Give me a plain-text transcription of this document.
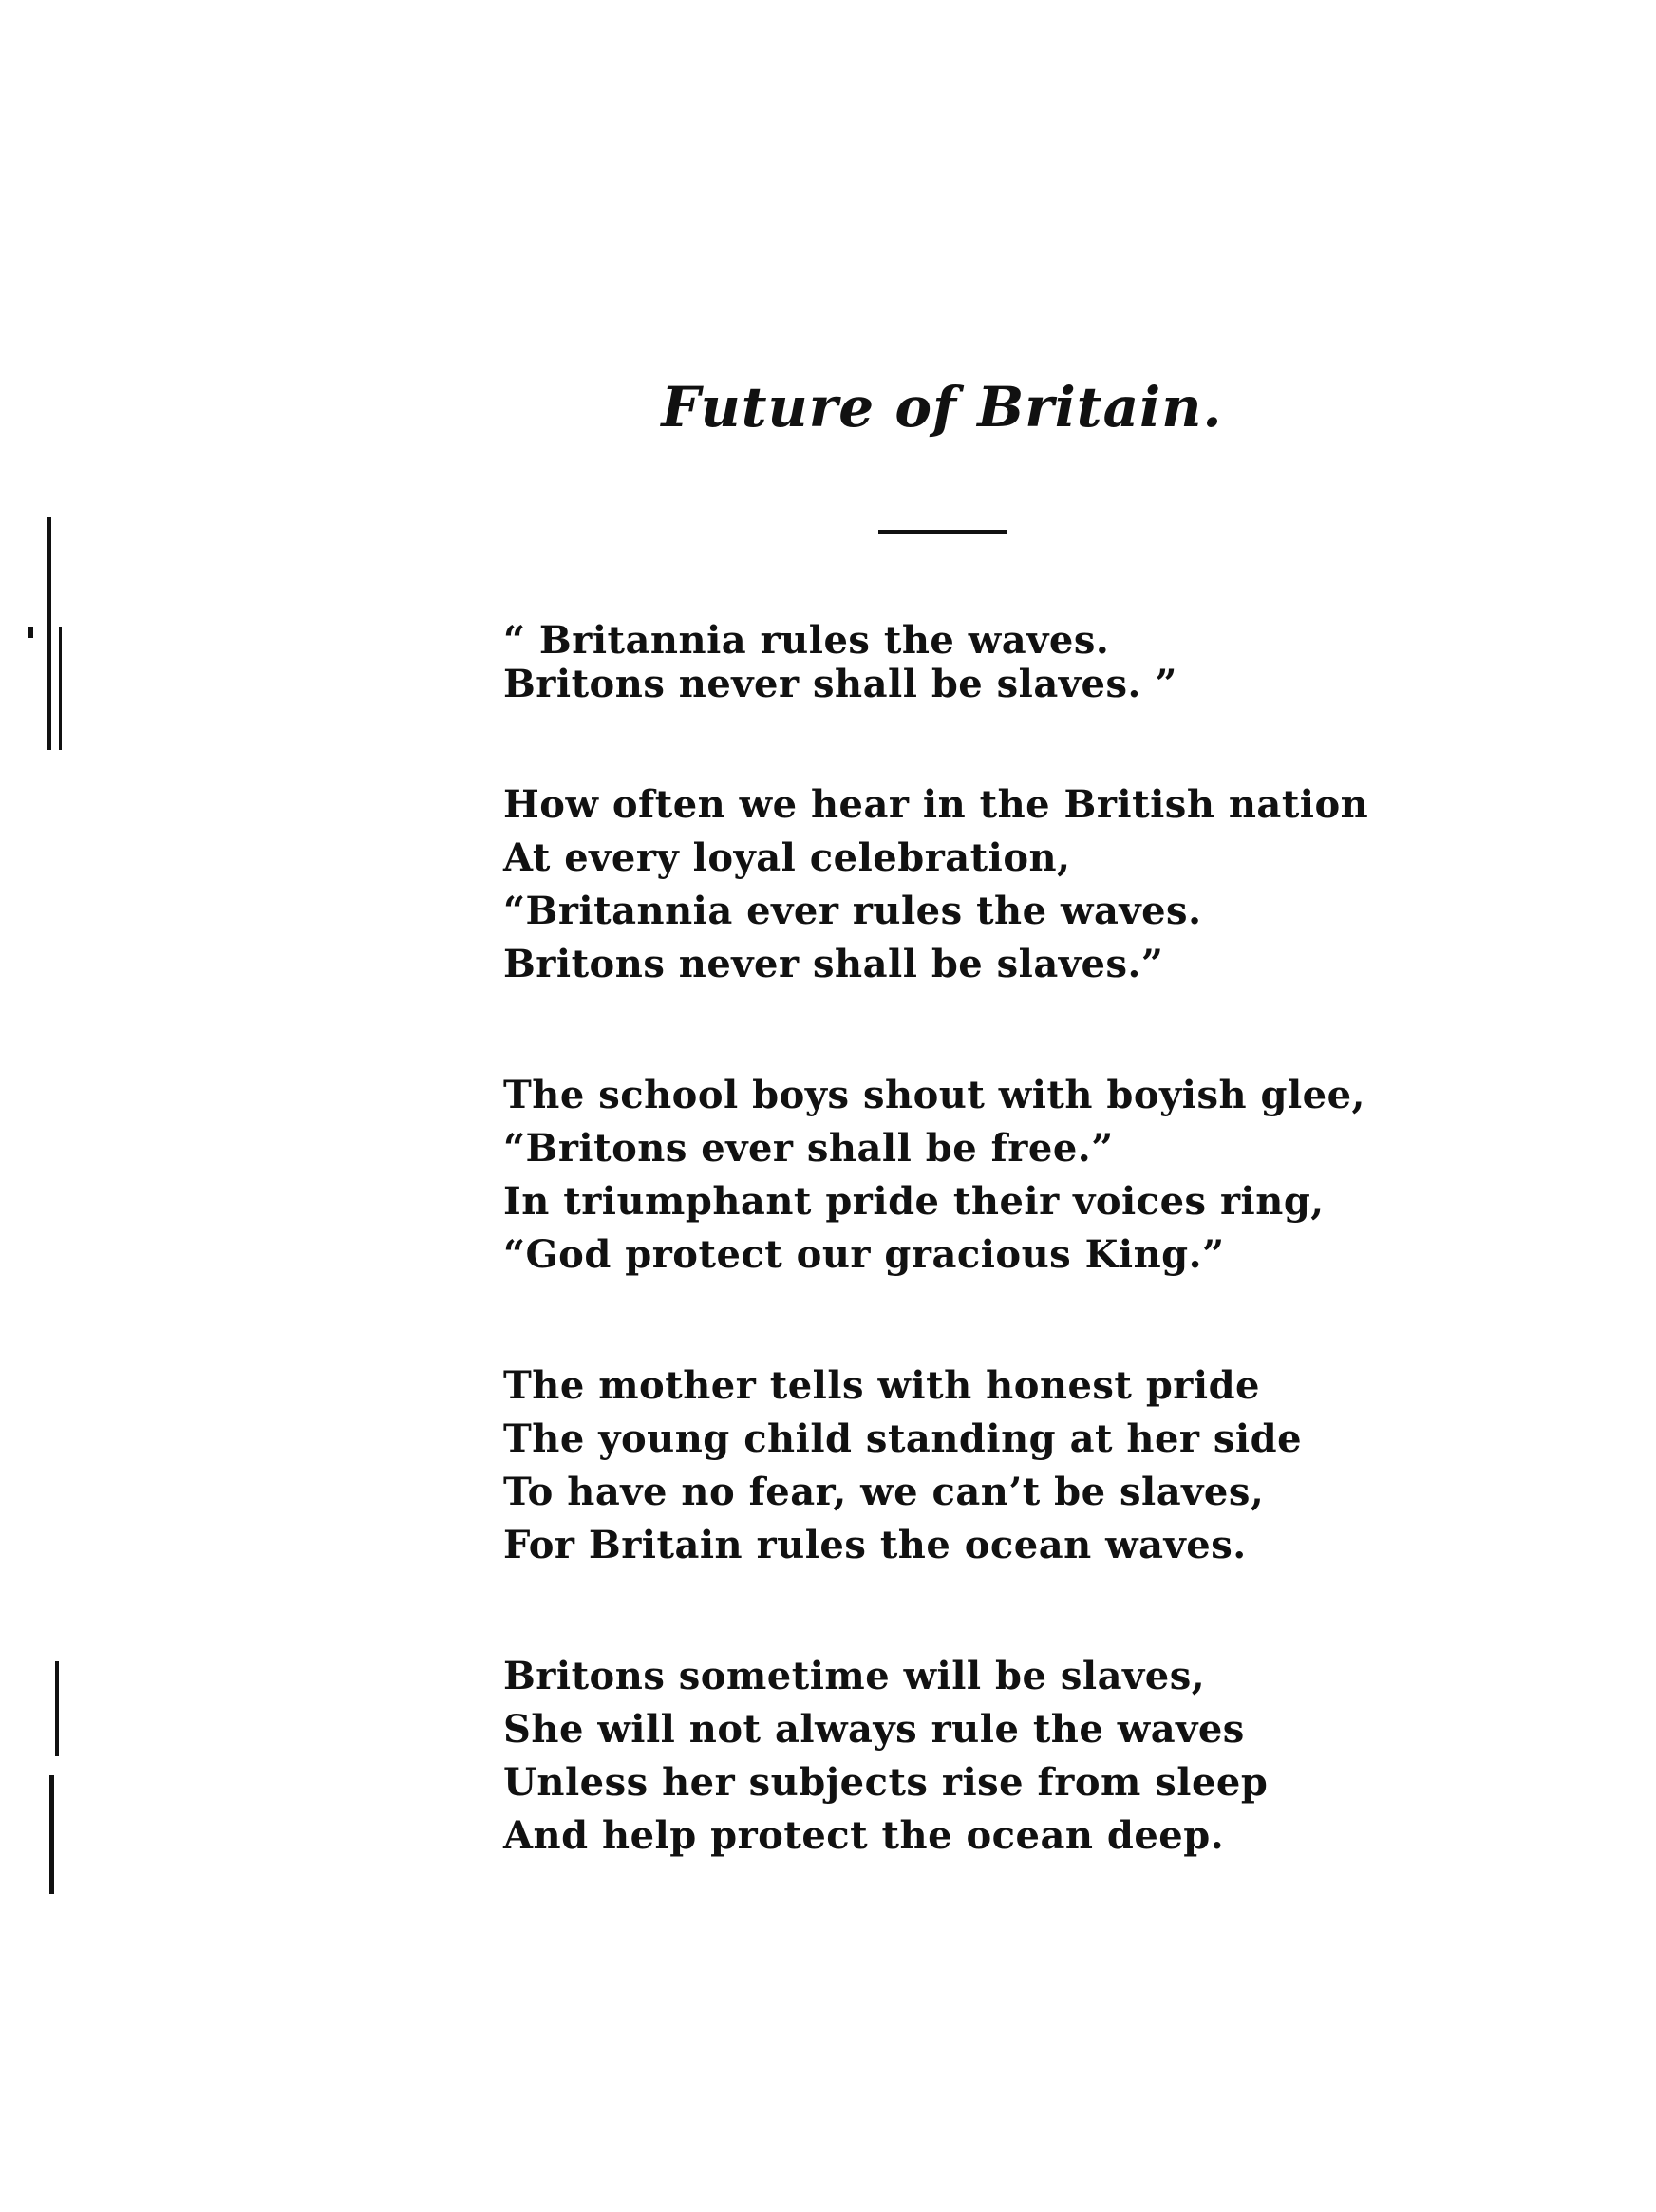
Future of Britain.
“ Britannia rules the waves.
Britons never shall be slaves. ”
How often we hear in the British nation
At every loyal celebration,
“Britannia ever rules the waves.
Britons never shall be slaves.”
The school boys shout with boyish glee,
“Britons ever shall be free.”
In triumphant pride their voices ring,
“God protect our gracious King.”
The mother tells with honest pride
The young child standing at her side
To have no fear, we can’t be slaves,
For Britain rules the ocean waves.
Britons sometime will be slaves,
She will not always rule the waves
Unless her subjects rise from sleep
And help protect the ocean deep.
